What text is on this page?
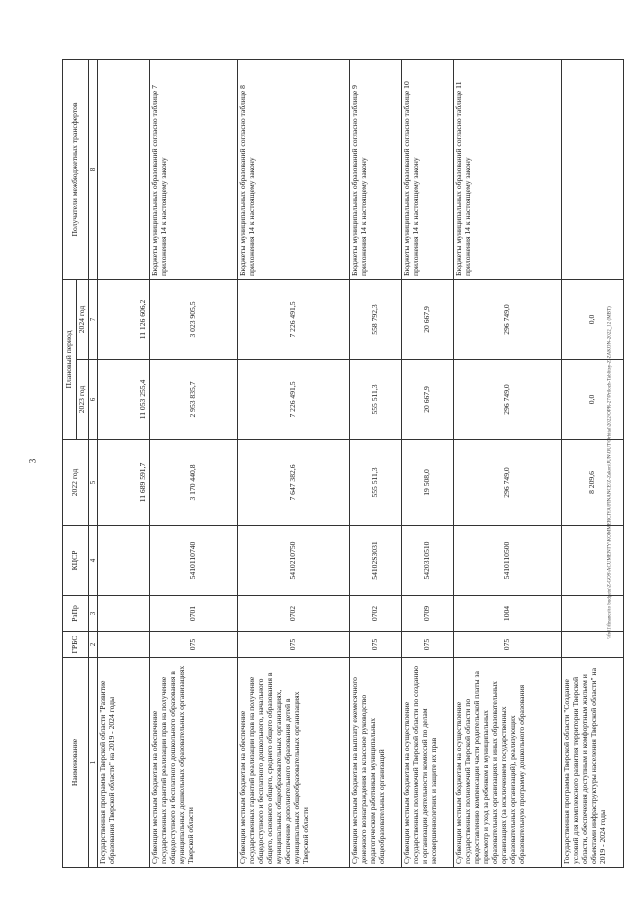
3	\\fs01\finance\to budgetu\Z-GOS\ACUMENTY\KOMMERCIYA\FINANCE\Z-Zakon\JUN\OUT\Orbital\2022\OPR-27\Prilozh-Tablitsy-Z-ZAKON-2022_12 (MBT)
Наименование	ГРБС	РзПр	КЦСР	2022 год	Плановый период		Получатели межбюджетных трансфертов
					2023 год	2024 год	
1	2	3	4	5	6	7	8
Государственная программа Тверской области "Развитие образования Тверской области" на 2019 - 2024 годы				11 689 591,7	11 053 255,4	11 126 606,2	
Субвенции местным бюджетам на обеспечение государственных гарантий реализации прав на получение общедоступного и бесплатного дошкольного образования в муниципальных дошкольных образовательных организациях Тверской области	075	0701	5410110740	3 170 440,8	2 953 835,7	3 023 905,5	Бюджеты муниципальных образований согласно таблице 7 приложения 14 к настоящему закону
Субвенции местным бюджетам на обеспечение государственных гарантий реализации прав на получение общедоступного и бесплатного дошкольного, начального общего, основного общего, среднего общего образования в муниципальных общеобразовательных организациях, обеспечение дополнительного образования детей в муниципальных общеобразовательных организациях Тверской области	075	0702	5410210750	7 647 382,6	7 226 491,5	7 226 491,5	Бюджеты муниципальных образований согласно таблице 8 приложения 14 к настоящему закону
Субвенции местным бюджетам на выплату ежемесячного денежного вознаграждения за классное руководство педагогическим работникам муниципальных общеобразовательных организаций	075	0702	54102S3031	555 511,3	555 511,3	558 792,3	Бюджеты муниципальных образований согласно таблице 9 приложения 14 к настоящему закону
Субвенции местным бюджетам на осуществление государственных полномочий Тверской области по созданию и организации деятельности комиссий по делам несовершеннолетних и защите их прав	075	0709	5420310510	19 508,0	20 667,9	20 667,9	Бюджеты муниципальных образований согласно таблице 10 приложения 14 к настоящему закону
Субвенции местным бюджетам на осуществление государственных полномочий Тверской области по предоставлению компенсации части родительской платы за присмотр и уход за ребенком в муниципальных образовательных организациях и иных образовательных организациях (за исключением государственных образовательных организаций), реализующих образовательную программу дошкольного образования	075	1004	5410110500	296 749,0	296 749,0	296 749,0	Бюджеты муниципальных образований согласно таблице 11 приложения 14 к настоящему закону
Государственная программа Тверской области "Создание условий для комплексного развития территории Тверской области, обеспечения доступным и комфортным жильем и объектами инфраструктуры населения Тверской области" на 2019 - 2024 годы				8 209,6	0,0	0,0	
